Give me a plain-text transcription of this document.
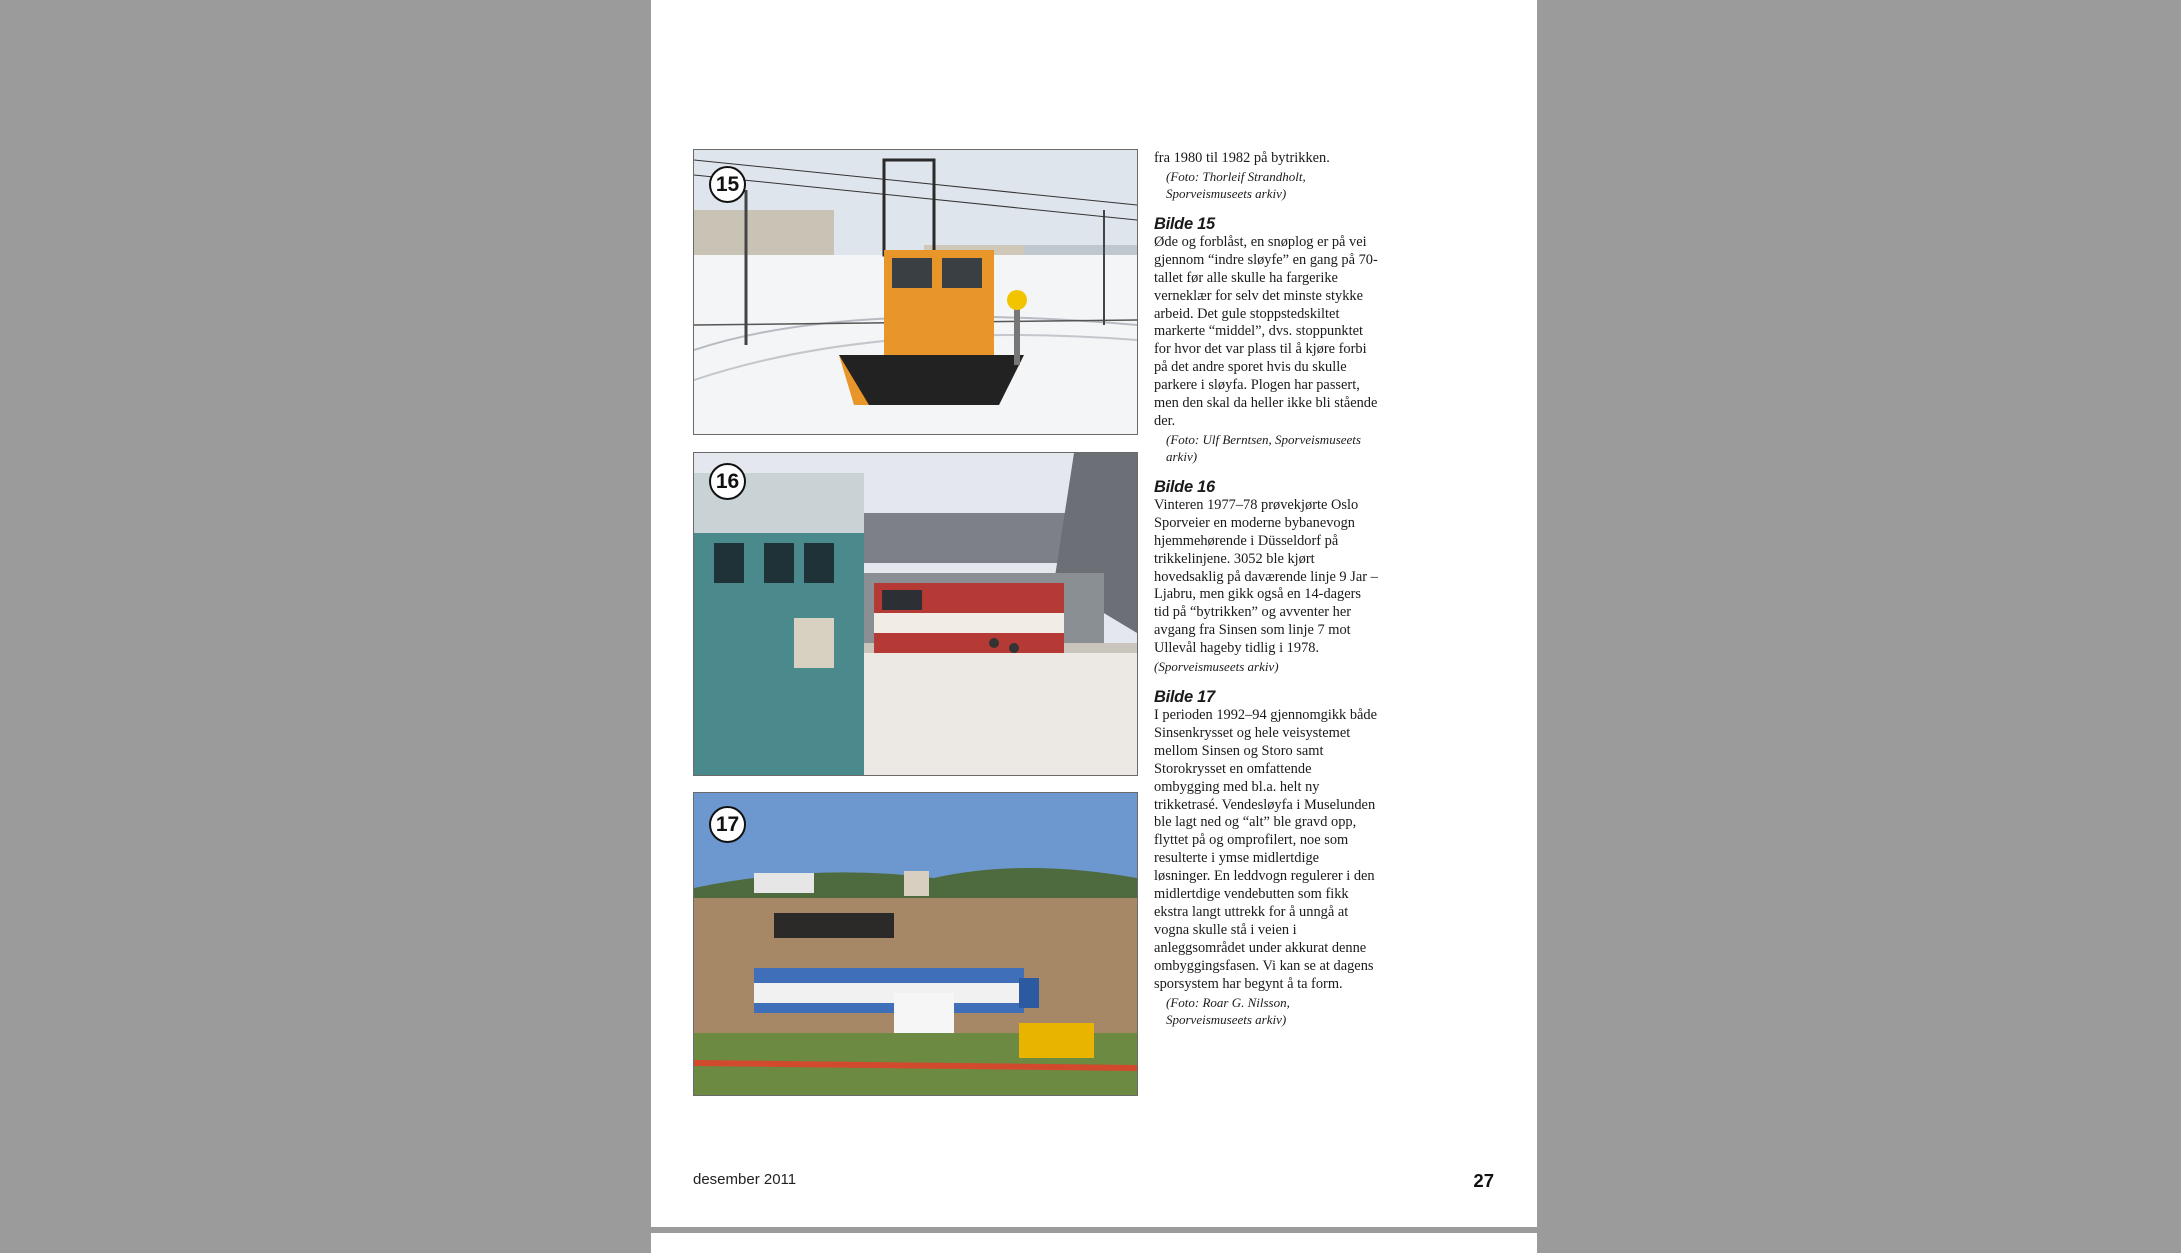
15
16
17

fra 1980 til 1982 på bytrikken.

(Foto: Thorleif Strandholt, Sporveismuseets arkiv)

Bilde 15

Øde og forblåst, en snøplog er på vei gjennom “indre sløyfe” en gang på 70-tallet før alle skulle ha fargerike verneklær for selv det minste stykke arbeid. Det gule stoppstedskiltet markerte “middel”, dvs. stoppunktet for hvor det var plass til å kjøre forbi på det andre sporet hvis du skulle parkere i sløyfa. Plogen har passert, men den skal da heller ikke bli stående der.

(Foto: Ulf Berntsen, Sporveismuseets arkiv)

Bilde 16

Vinteren 1977–78 prøvekjørte Oslo Sporveier en moderne bybanevogn hjemmehørende i Düsseldorf på trikkelinjene. 3052 ble kjørt hovedsaklig på daværende linje 9 Jar – Ljabru, men gikk også en 14-dagers tid på “bytrikken” og avventer her avgang fra Sinsen som linje 7 mot Ullevål hageby tidlig i 1978.

(Sporveismuseets arkiv)

Bilde 17

I perioden 1992–94 gjennomgikk både Sinsenkrysset og hele veisystemet mellom Sinsen og Storo samt Storokrysset en omfattende ombygging med bl.a. helt ny trikketrasé. Vendesløyfa i Muselunden ble lagt ned og “alt” ble gravd opp, flyttet på og omprofilert, noe som resulterte i ymse midlertdige løsninger. En leddvogn regulerer i den midlertdige vendebutten som fikk ekstra langt uttrekk for å unngå at vogna skulle stå i veien i anleggsområdet under akkurat denne ombyggingsfasen. Vi kan se at dagens sporsystem har begynt å ta form.

(Foto: Roar G. Nilsson, Sporveismuseets arkiv)

desember 2011	27
